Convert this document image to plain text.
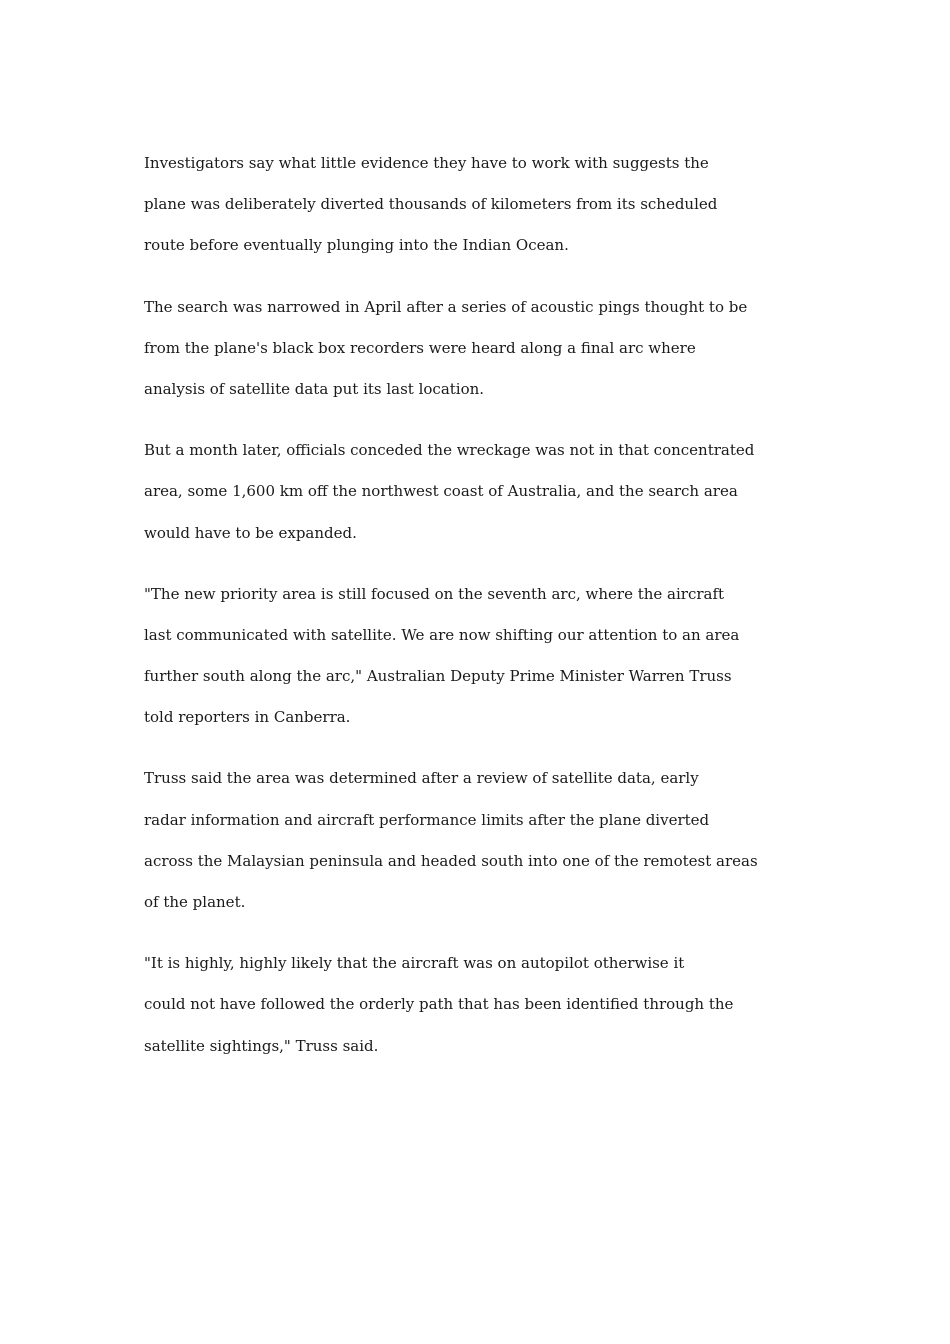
Investigators say what little evidence they have to work with suggests the
plane was deliberately diverted thousands of kilometers from its scheduled
route before eventually plunging into the Indian Ocean.

The search was narrowed in April after a series of acoustic pings thought to be
from the plane's black box recorders were heard along a final arc where
analysis of satellite data put its last location.

But a month later, officials conceded the wreckage was not in that concentrated
area, some 1,600 km off the northwest coast of Australia, and the search area
would have to be expanded.

"The new priority area is still focused on the seventh arc, where the aircraft
last communicated with satellite. We are now shifting our attention to an area
further south along the arc," Australian Deputy Prime Minister Warren Truss
told reporters in Canberra.

Truss said the area was determined after a review of satellite data, early
radar information and aircraft performance limits after the plane diverted
across the Malaysian peninsula and headed south into one of the remotest areas
of the planet.

"It is highly, highly likely that the aircraft was on autopilot otherwise it
could not have followed the orderly path that has been identified through the
satellite sightings," Truss said.
